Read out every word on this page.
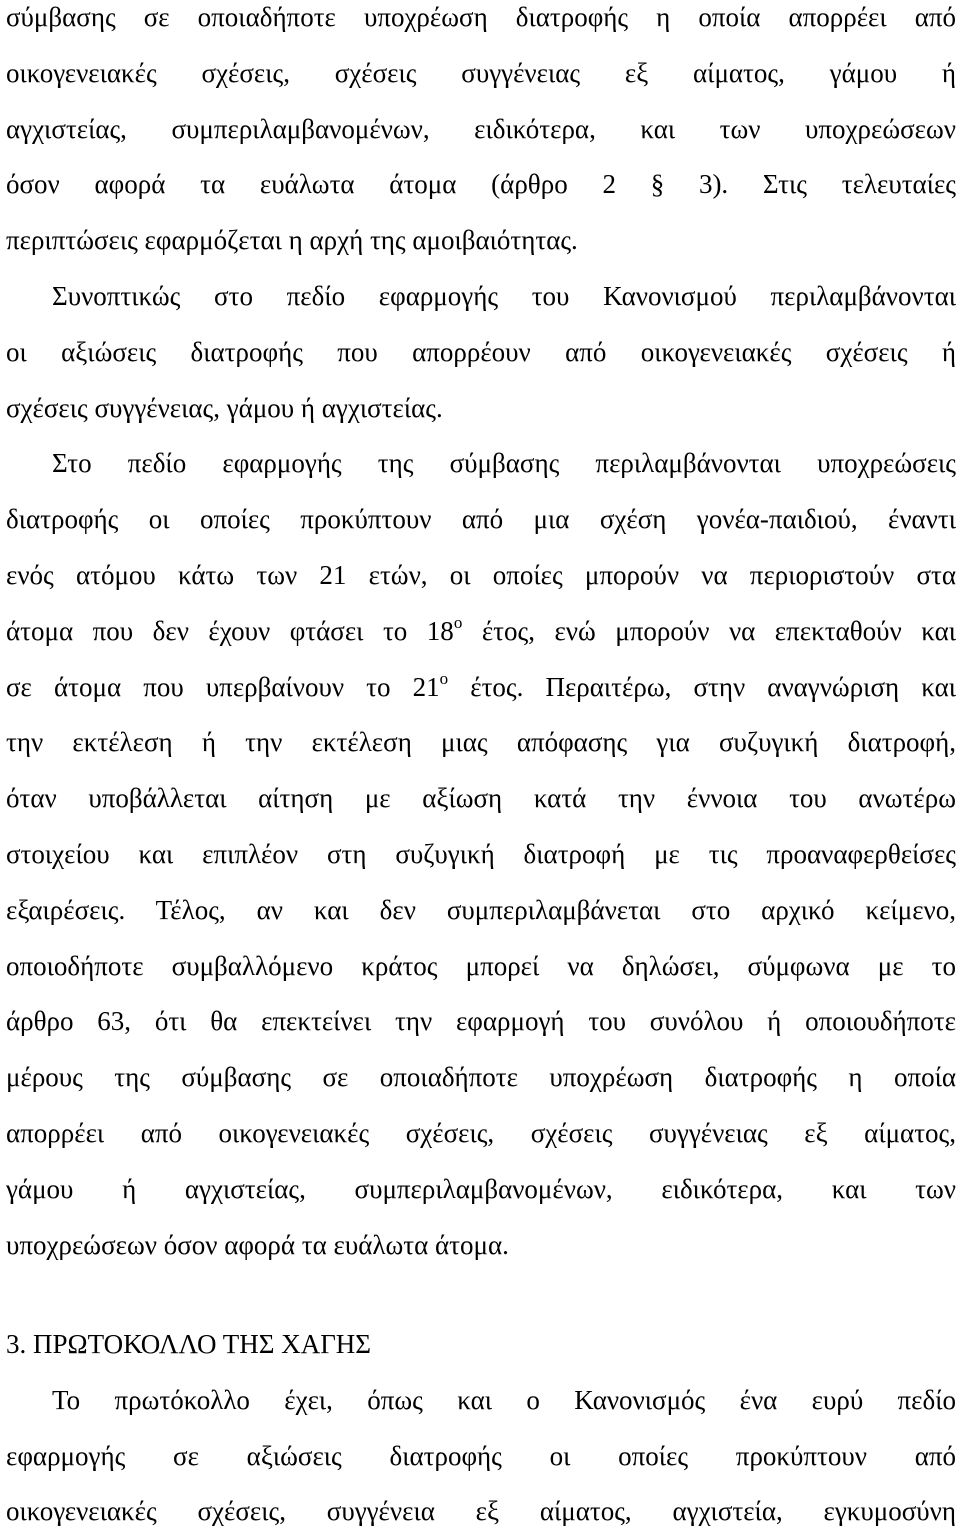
σύμβασης σε οποιαδήποτε υποχρέωση διατροφής η οποία απορρέει από
οικογενειακές σχέσεις, σχέσεις συγγένειας εξ αίματος, γάμου ή
αγχιστείας, συμπεριλαμβανομένων, ειδικότερα, και των υποχρεώσεων
όσον αφορά τα ευάλωτα άτομα (άρθρο 2 § 3). Στις τελευταίες
περιπτώσεις εφαρμόζεται η αρχή της αμοιβαιότητας.
Συνοπτικώς στο πεδίο εφαρμογής του Κανονισμού περιλαμβάνονται
οι αξιώσεις διατροφής που απορρέουν από οικογενειακές σχέσεις ή
σχέσεις συγγένειας, γάμου ή αγχιστείας.
Στο πεδίο εφαρμογής της σύμβασης περιλαμβάνονται υποχρεώσεις
διατροφής οι οποίες προκύπτουν από μια σχέση γονέα-παιδιού, έναντι
ενός ατόμου κάτω των 21 ετών, οι οποίες μπορούν να περιοριστούν στα
άτομα που δεν έχουν φτάσει το $18^o$ έτος, ενώ μπορούν να επεκταθούν και
σε άτομα που υπερβαίνουν το $21^o$ έτος. Περαιτέρω, στην αναγνώριση και
την εκτέλεση ή την εκτέλεση μιας απόφασης για συζυγική διατροφή,
όταν υποβάλλεται αίτηση με αξίωση κατά την έννοια του ανωτέρω
στοιχείου και επιπλέον στη συζυγική διατροφή με τις προαναφερθείσες
εξαιρέσεις. Τέλος, αν και δεν συμπεριλαμβάνεται στο αρχικό κείμενο,
οποιοδήποτε συμβαλλόμενο κράτος μπορεί να δηλώσει, σύμφωνα με το
άρθρο 63, ότι θα επεκτείνει την εφαρμογή του συνόλου ή οποιουδήποτε
μέρους της σύμβασης σε οποιαδήποτε υποχρέωση διατροφής η οποία
απορρέει από οικογενειακές σχέσεις, σχέσεις συγγένειας εξ αίματος,
γάμου ή αγχιστείας, συμπεριλαμβανομένων, ειδικότερα, και των
υποχρεώσεων όσον αφορά τα ευάλωτα άτομα.
3. ΠΡΩΤΟΚΟΛΛΟ ΤΗΣ ΧΑΓΗΣ
Το πρωτόκολλο έχει, όπως και ο Κανονισμός ένα ευρύ πεδίο
εφαρμογής σε αξιώσεις διατροφής οι οποίες προκύπτουν από
οικογενειακές σχέσεις, συγγένεια εξ αίματος, αγχιστεία, εγκυμοσύνη
